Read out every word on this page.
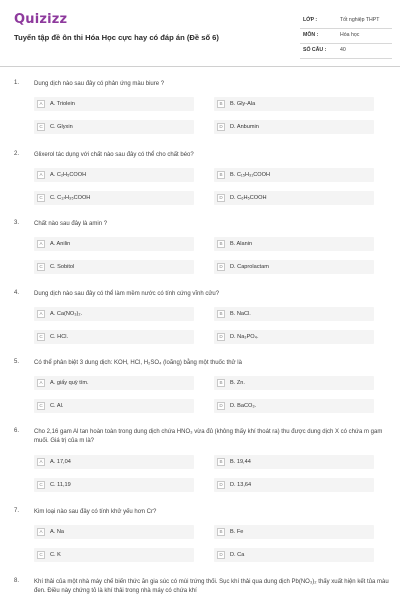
Quizizz
Tuyển tập đề ôn thi Hóa Học cực hay có đáp án (Đề số 6)
LỚP :	Tốt nghiệp THPT
MÔN :	Hóa học
SỐ CÂU :	40
1. Dung dịch nào sau đây có phản ứng màu biure ?
A	A. Triolein	B	B. Gly-Ala
C	C. Glyxin	D	D. Anbumin
2. Glixerol tác dụng với chất nào sau đây có thể cho chất béo?
A	A. C₂H₅COOH	B	B. C₁₅H₃₁COOH
C	C. C₁₇H₃₅COOH	D	D. C₆H₅COOH
3. Chất nào sau đây là amin ?
A	A. Anilin	B	B. Alanin
C	C. Sobitol	D	D. Caprolactam
4. Dung dịch nào sau đây có thể làm mềm nước có tính cứng vĩnh cửu?
A	A. Ca(NO₃)₂.	B	B. NaCl.
C	C. HCl.	D	D. Na₃PO₄.
5. Có thể phân biệt 3 dung dịch: KOH, HCl, H₂SO₄ (loãng) bằng một thuốc thử là
A	A. giấy quỳ tím.	B	B. Zn.
C	C. Al.	D	D. BaCO₃.
6. Cho 2,16 gam Al tan hoàn toàn trong dung dịch chứa HNO₃ vừa đủ (không thấy khí thoát ra) thu được dung dịch X có chứa m gam muối. Giá trị của m là?
A	A. 17,04	B	B. 19,44
C	C. 11,19	D	D. 13,64
7. Kim loại nào sau đây có tính khử yếu hơn Cr?
A	A. Na	B	B. Fe
C	C. K	D	D. Ca
8. Khí thải của một nhà máy chế biến thức ăn gia súc có mùi trứng thối. Sục khí thải qua dung dịch Pb(NO₃)₂ thấy xuất hiện kết tủa màu đen. Điều này chứng tỏ là khí thải trong nhà máy có chứa khí
